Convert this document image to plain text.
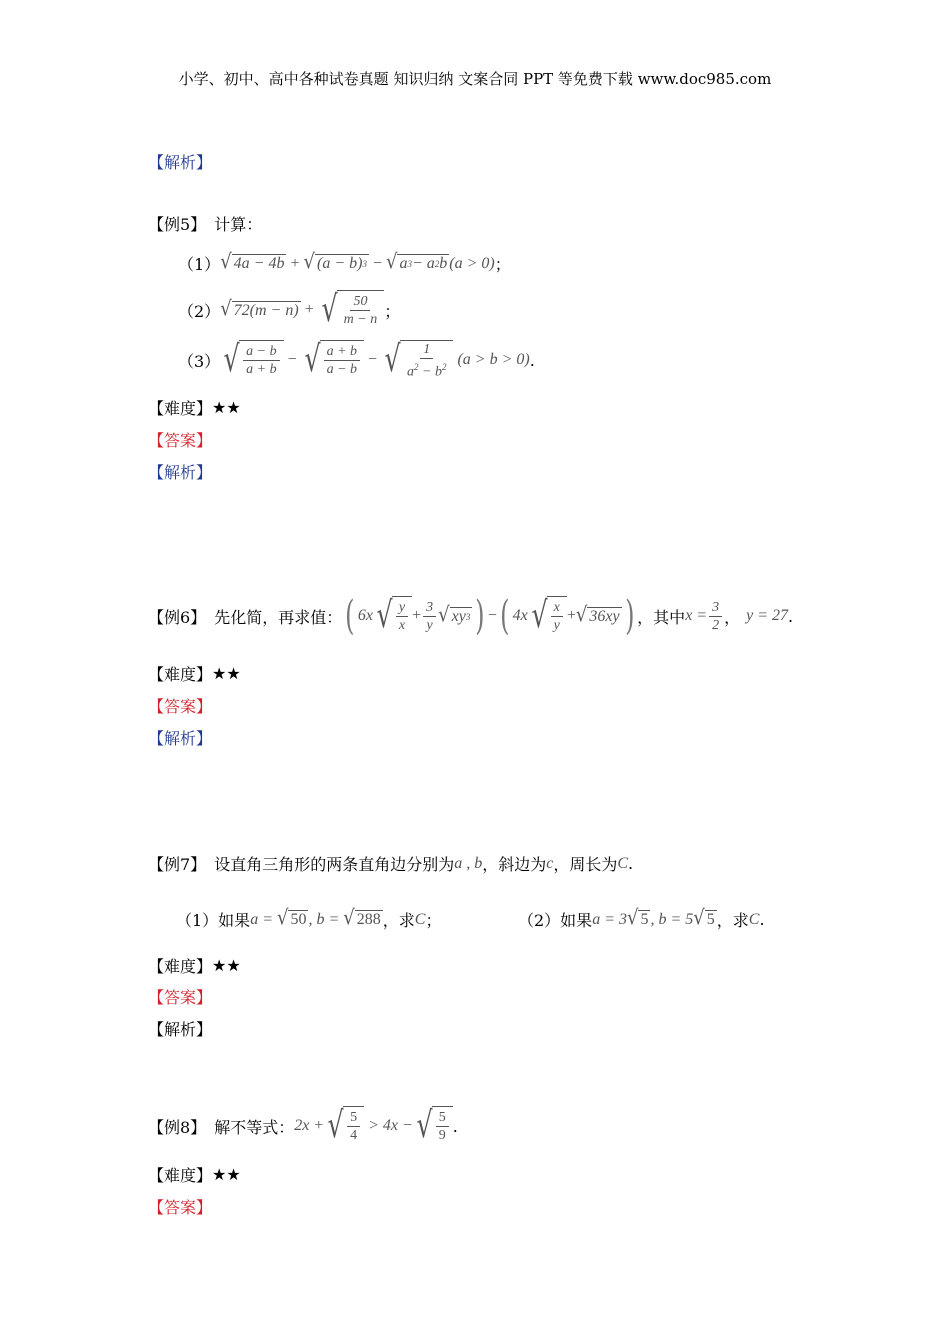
小学、初中、高中各种试卷真题 知识归纳 文案合同 PPT 等免费下载 www.doc985.com
【解析】
【例5】 计算：
（1） √ 4a − 4b + √ (a − b) 3 − √ a 3 − a 2 b (a > 0) ；
（2） √ 72(m − n) + √ $\frac{50}{m - n}$ ；
（3） √ $\frac{a - b}{a + b}$ − √ $\frac{a + b}{a - b}$ − √ $\frac{1}{a^2 - b^2} (a > b > 0)$ .
【难度】 ★★
【答案】
【解析】
【例6】 先化简，再求值： ( 6x √ $\frac{y}{x} + \frac{3}{y}$ √ xy 3 ) − ( 4x √ $\frac{x}{y}$ + √ 36xy ) ，其中 $x = \frac{3}{2}$ ， y = 27 .
【难度】 ★★
【答案】
【解析】
【例7】 设直角三角形的两条直角边分别为 a , b ，斜边为 c ，周长为 C .
（1）如果 a = √ 50 , b = √ 288 ，求 C ；	（2）如果 a = 3 √ 5 , b = 5 √ 5 ，求 C .
【难度】 ★★
【答案】
【解析】
【例8】 解不等式： 2x + √ $\frac{5}{4} > 4x$ − √ $\frac{5}{9}$ .
【难度】 ★★
【答案】
